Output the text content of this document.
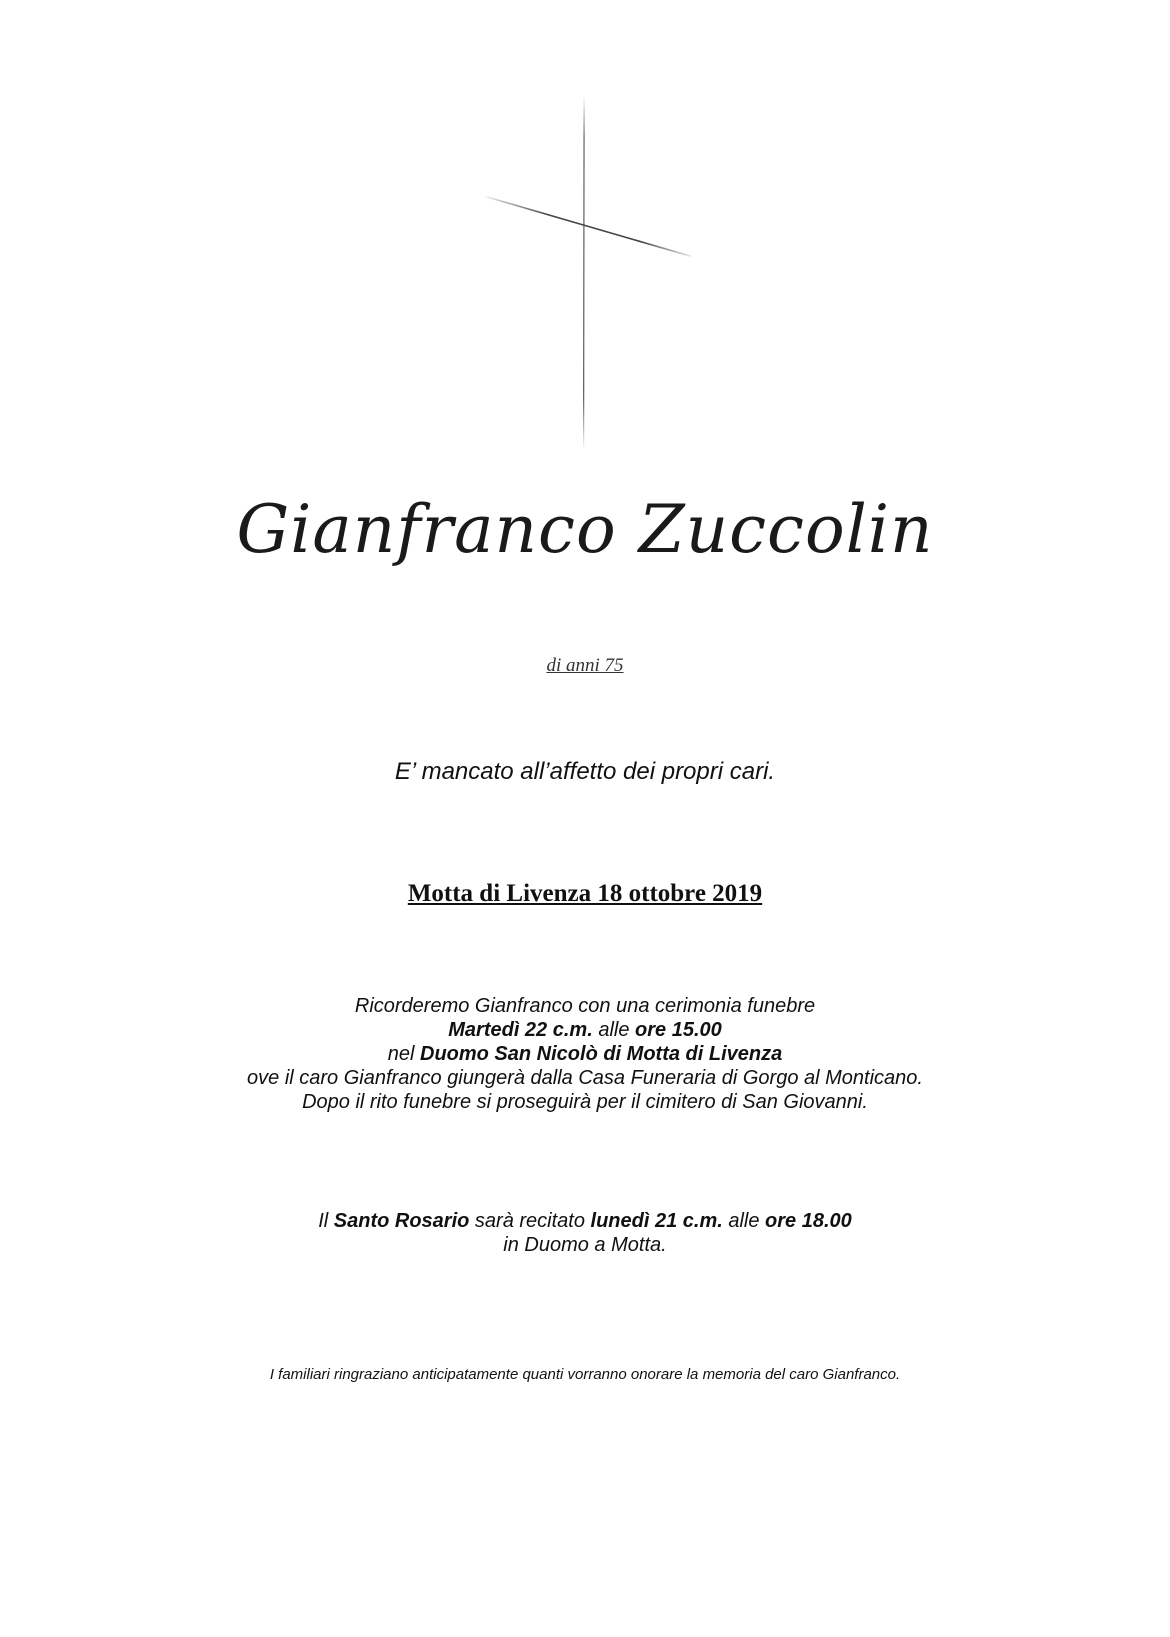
Gianfranco Zuccolin
di anni 75
E’ mancato all’affetto dei propri cari.
Motta di Livenza 18 ottobre 2019
Ricorderemo Gianfranco con una cerimonia funebre
Martedì 22 c.m. alle ore 15.00
nel Duomo San Nicolò di Motta di Livenza
ove il caro Gianfranco giungerà dalla Casa Funeraria di Gorgo al Monticano.
Dopo il rito funebre si proseguirà per il cimitero di San Giovanni.
Il Santo Rosario sarà recitato lunedì 21 c.m. alle ore 18.00
in Duomo a Motta.
I familiari ringraziano anticipatamente quanti vorranno onorare la memoria del caro Gianfranco.
